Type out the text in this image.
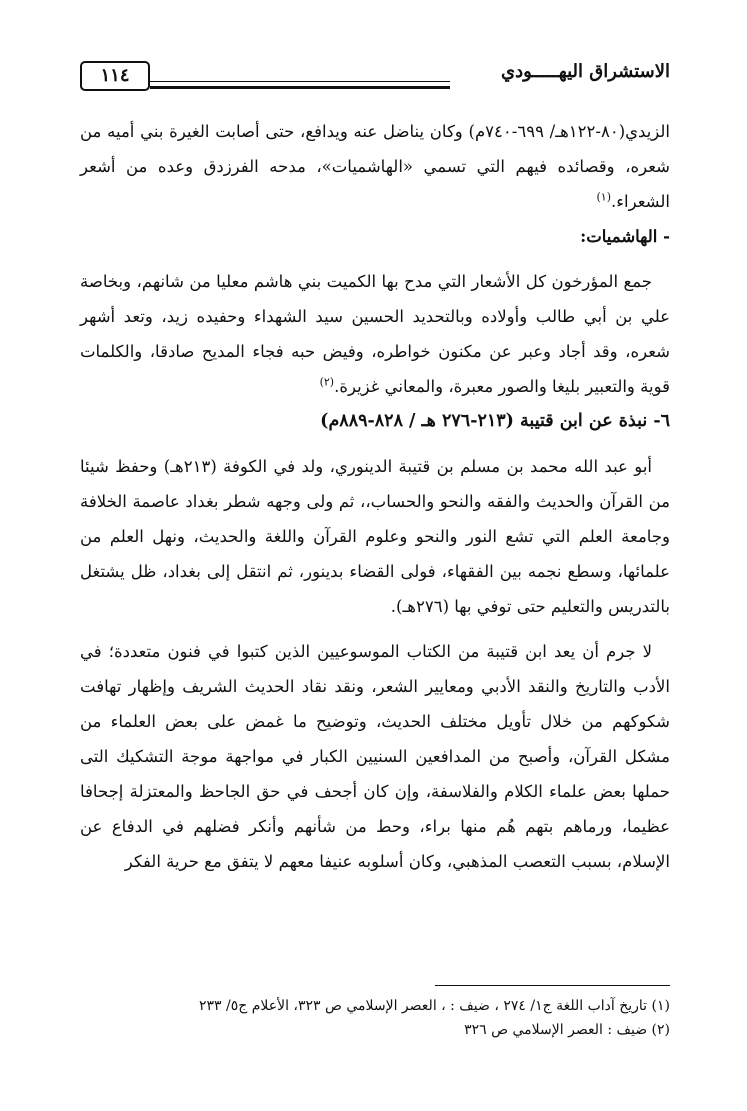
الاستشراق اليهـــــودي
١١٤

الزيدي(٨٠-١٢٢هـ/ ٦٩٩-٧٤٠م) وكان يناضل عنه ويدافع، حتى أصابت الغيرة بني أميه من شعره، وقصائده فيهم التي تسمي «الهاشميات»، مدحه الفرزدق وعده من أشعر الشعراء.$^{(١)}$

- الهاشميات:

جمع المؤرخون كل الأشعار التي مدح بها الكميت بني هاشم معليا من شانهم، وبخاصة علي بن أبي طالب وأولاده وبالتحديد الحسين سيد الشهداء وحفيده زيد، وتعد أشهر شعره، وقد أجاد وعبر عن مكنون خواطره، وفيض حبه فجاء المديح صادقا، والكلمات قوية والتعبير بليغا والصور معبرة، والمعاني غزيرة.$^{(٢)}$

٦- نبذة عن ابن قتيبة (٢١٣-٢٧٦ هـ / ٨٢٨-٨٨٩م)

أبو عبد الله محمد بن مسلم بن قتيبة الدينوري، ولد في الكوفة (٢١٣هـ) وحفظ شيئا من القرآن والحديث والفقه والنحو والحساب،، ثم ولى وجهه شطر بغداد عاصمة الخلافة وجامعة العلم التي تشع النور والنحو وعلوم القرآن واللغة والحديث، ونهل العلم من علمائها، وسطع نجمه بين الفقهاء، فولى القضاء بدينور، ثم انتقل إلى بغداد، ظل يشتغل بالتدريس والتعليم حتى توفي بها (٢٧٦هـ).

لا جرم أن يعد ابن قتيبة من الكتاب الموسوعيين الذين كتبوا في فنون متعددة؛ في الأدب والتاريخ والنقد الأدبي ومعايير الشعر، ونقد نقاد الحديث الشريف وإظهار تهافت شكوكهم من خلال تأويل مختلف الحديث، وتوضيح ما غمض على بعض العلماء من مشكل القرآن، وأصبح من المدافعين السنيين الكبار في مواجهة موجة التشكيك التى حملها بعض علماء الكلام والفلاسفة، وإن كان أجحف في حق الجاحظ والمعتزلة إجحافا عظيما، ورماهم بتهم هُم منها براء، وحط من شأنهم وأنكر فضلهم في الدفاع عن الإسلام، بسبب التعصب المذهبي، وكان أسلوبه عنيفا معهم لا يتفق مع حرية الفكر

(١) تاريخ آداب اللغة ج١/ ٢٧٤ ، ضيف : ، العصر الإسلامي ص ٣٢٣، الأعلام ج٥/ ٢٣٣

(٢) ضيف : العصر الإسلامي ص ٣٢٦
